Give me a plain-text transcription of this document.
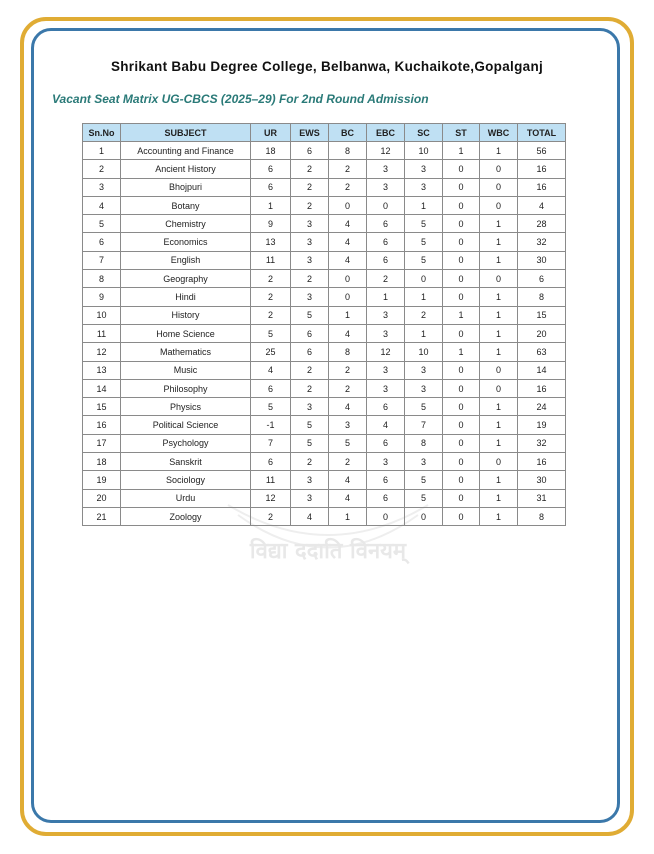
Shrikant Babu Degree College, Belbanwa, Kuchaikote,Gopalganj
Vacant Seat Matrix UG-CBCS (2025–29) For 2nd Round Admission
विद्या ददाति विनयम्
Sn.No	SUBJECT	UR	EWS	BC	EBC	SC	ST	WBC	TOTAL
1	Accounting and Finance	18	6	8	12	10	1	1	56
2	Ancient History	6	2	2	3	3	0	0	16
3	Bhojpuri	6	2	2	3	3	0	0	16
4	Botany	1	2	0	0	1	0	0	4
5	Chemistry	9	3	4	6	5	0	1	28
6	Economics	13	3	4	6	5	0	1	32
7	English	11	3	4	6	5	0	1	30
8	Geography	2	2	0	2	0	0	0	6
9	Hindi	2	3	0	1	1	0	1	8
10	History	2	5	1	3	2	1	1	15
11	Home Science	5	6	4	3	1	0	1	20
12	Mathematics	25	6	8	12	10	1	1	63
13	Music	4	2	2	3	3	0	0	14
14	Philosophy	6	2	2	3	3	0	0	16
15	Physics	5	3	4	6	5	0	1	24
16	Political Science	-1	5	3	4	7	0	1	19
17	Psychology	7	5	5	6	8	0	1	32
18	Sanskrit	6	2	2	3	3	0	0	16
19	Sociology	11	3	4	6	5	0	1	30
20	Urdu	12	3	4	6	5	0	1	31
21	Zoology	2	4	1	0	0	0	1	8
